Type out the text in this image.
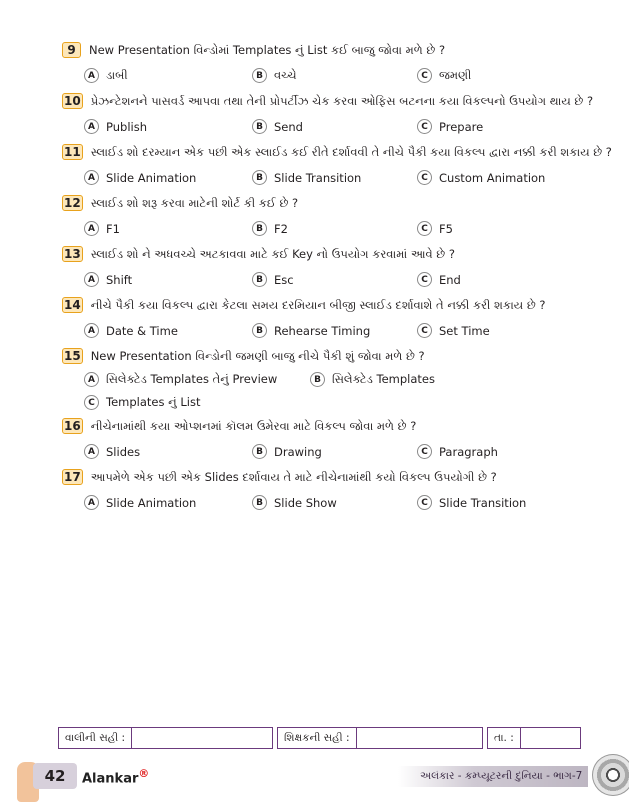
9	New Presentation વિન્ડોમાં Templates નું List કઈ બાજુ જોવા મળે છે ?
A ડાબી	B વચ્ચે	C જમણી
10 પ્રેઝન્ટેશનને પાસવર્ડ આપવા તથા તેની પ્રોપર્ટીઝ ચેક કરવા ઓફિસ બટનના કયા વિકલ્પનો ઉપયોગ થાય છે ?
A Publish	B Send	C Prepare
11 સ્લાઈડ શો દરમ્યાન એક પછી એક સ્લાઈડ કઈ રીતે દર્શાવવી તે નીચે પૈકી કયા વિકલ્પ દ્વારા નક્કી કરી શકાય છે ?
A Slide Animation	B Slide Transition	C Custom Animation
12 સ્લાઈડ શો શરૂ કરવા માટેની શોર્ટ કી કઈ છે ?
A F1	B F2	C F5
13 સ્લાઈડ શો ને અધવચ્ચે અટકાવવા માટે કઈ Key નો ઉપયોગ કરવામાં આવે છે ?
A Shift	B Esc	C End
14 નીચે પૈકી કયા વિકલ્પ દ્વારા કેટલા સમય દરમિયાન બીજી સ્લાઈડ દર્શાવાશે તે નક્કી કરી શકાય છે ?
A Date & Time	B Rehearse Timing	C Set Time
15 New Presentation વિન્ડોની જમણી બાજુ નીચે પૈકી શું જોવા મળે છે ?
A સિલેક્ટેડ Templates તેનું Preview	B સિલેક્ટેડ Templates
C Templates નું List
16 નીચેનામાંથી કયા ઓપ્શનમાં કૉલમ ઉમેરવા માટે વિકલ્પ જોવા મળે છે ?
A Slides	B Drawing	C Paragraph
17 આપમેળે એક પછી એક Slides દર્શાવાય તે માટે નીચેનામાંથી કયો વિકલ્પ ઉપયોગી છે ?
A Slide Animation	B Slide Show	C Slide Transition
વાલીની સહી :	શિક્ષકની સહી :	તા. :
અલંકાર - કમ્પ્યૂટરની દુનિયા - ભાગ-7
42	Alankar®
